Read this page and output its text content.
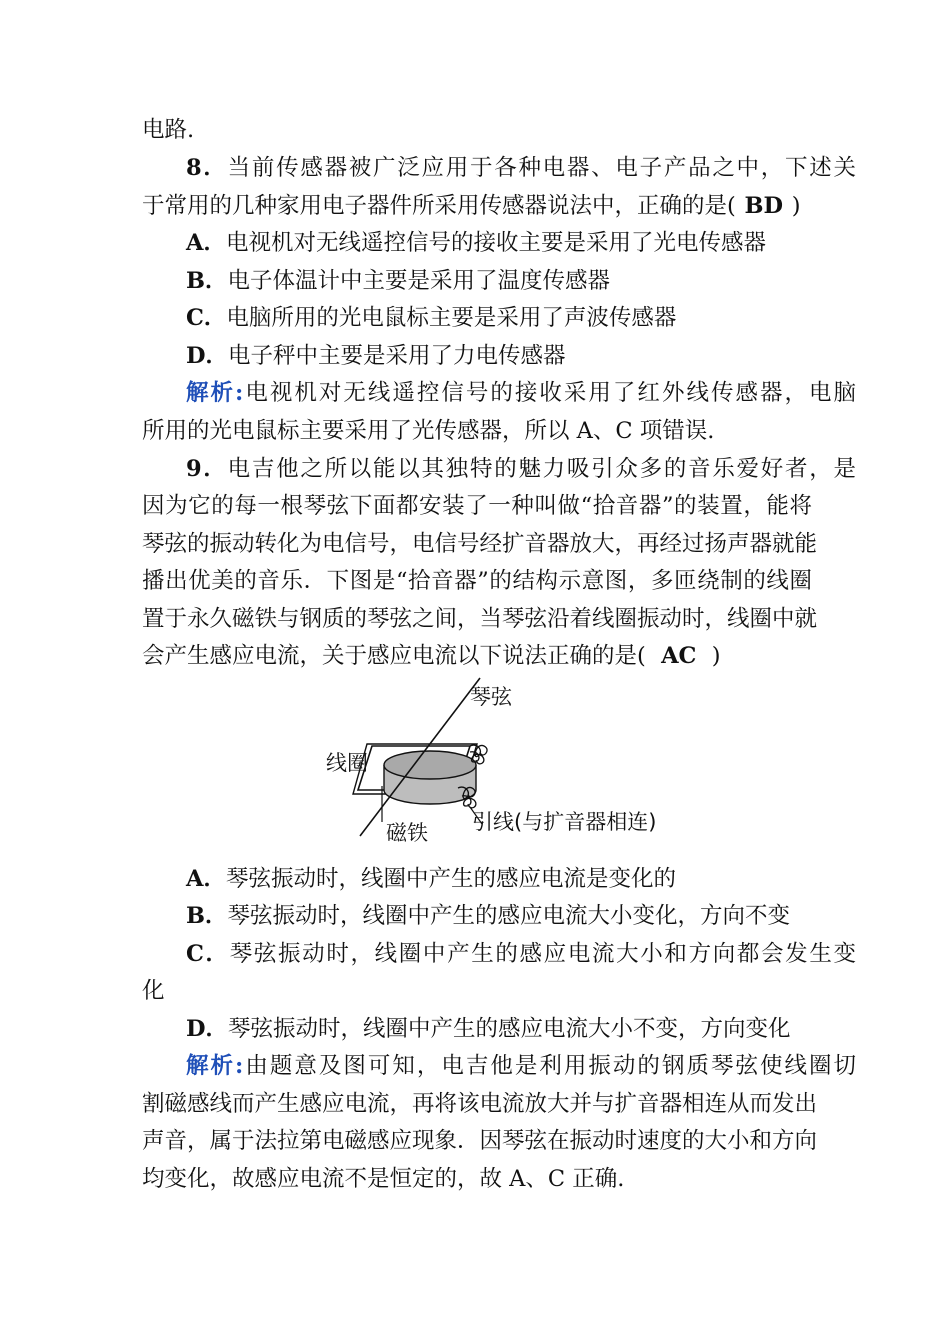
电路.
8．当前传感器被广泛应用于各种电器、电子产品之中，下述关
于常用的几种家用电子器件所采用传感器说法中，正确的是( BD )
A．电视机对无线遥控信号的接收主要是采用了光电传感器
B．电子体温计中主要是采用了温度传感器
C．电脑所用的光电鼠标主要是采用了声波传感器
D．电子秤中主要是采用了力电传感器
解析:电视机对无线遥控信号的接收采用了红外线传感器，电脑
所用的光电鼠标主要采用了光传感器，所以 A、C 项错误.
9．电吉他之所以能以其独特的魅力吸引众多的音乐爱好者，是
因为它的每一根琴弦下面都安装了一种叫做“拾音器”的装置，能将
琴弦的振动转化为电信号，电信号经扩音器放大，再经过扬声器就能
播出优美的音乐．下图是“拾音器”的结构示意图，多匝绕制的线圈
置于永久磁铁与钢质的琴弦之间，当琴弦沿着线圈振动时，线圈中就
会产生感应电流，关于感应电流以下说法正确的是( AC )
琴弦
线圈
磁铁 引线(与扩音器相连)
A．琴弦振动时，线圈中产生的感应电流是变化的
B．琴弦振动时，线圈中产生的感应电流大小变化，方向不变
C．琴弦振动时，线圈中产生的感应电流大小和方向都会发生变
化
D．琴弦振动时，线圈中产生的感应电流大小不变，方向变化
解析:由题意及图可知，电吉他是利用振动的钢质琴弦使线圈切
割磁感线而产生感应电流，再将该电流放大并与扩音器相连从而发出
声音，属于法拉第电磁感应现象．因琴弦在振动时速度的大小和方向
均变化，故感应电流不是恒定的，故 A、C 正确.
